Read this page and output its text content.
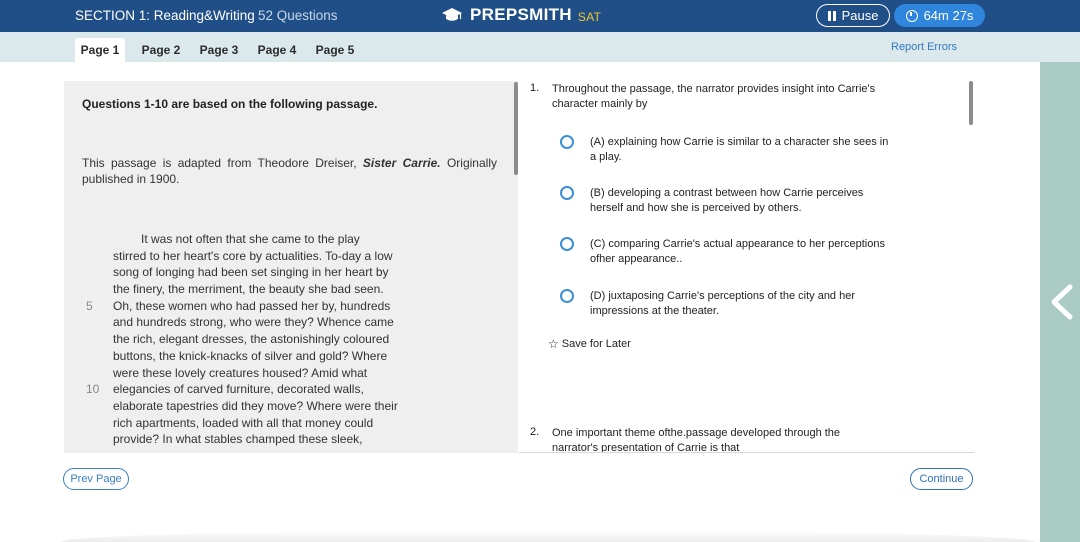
SECTION 1: Reading&Writing 52 Questions	PREPSMITH SAT	Pause	64m 27s
Page 1	Page 2	Page 3	Page 4	Page 5	Report Errors
Questions 1-10 are based on the following passage.
This passage is adapted from Theodore Dreiser, Sister Carrie. Originally published in 1900.
It was not often that she came to the play
stirred to her heart's core by actualities. To-day a low
song of longing had been set singing in her heart by
the finery, the merriment, the beauty she bad seen.
5	Oh, these women who had passed her by, hundreds
and hundreds strong, who were they? Whence came
the rich, elegant dresses, the astonishingly coloured
buttons, the knick-knacks of silver and gold? Where
were these lovely creatures housed? Amid what
10 elegancies of carved furniture, decorated walls,
elaborate tapestries did they move? Where were their
rich apartments, loaded with all that money could
provide? In what stables champed these sleek,
1. Throughout the passage, the narrator provides insight into Carrie's character mainly by
(A) explaining how Carrie is similar to a character she sees in a play.
(B) developing a contrast between how Carrie perceives herself and how she is perceived by others.
(C) comparing Carrie's actual appearance to her perceptions ofher appearance..
(D) juxtaposing Carrie's perceptions of the city and her impressions at the theater.
☆ Save for Later
2. One important theme ofthe.passage developed through the narrator's presentation of Carrie is that
Prev Page	Continue
